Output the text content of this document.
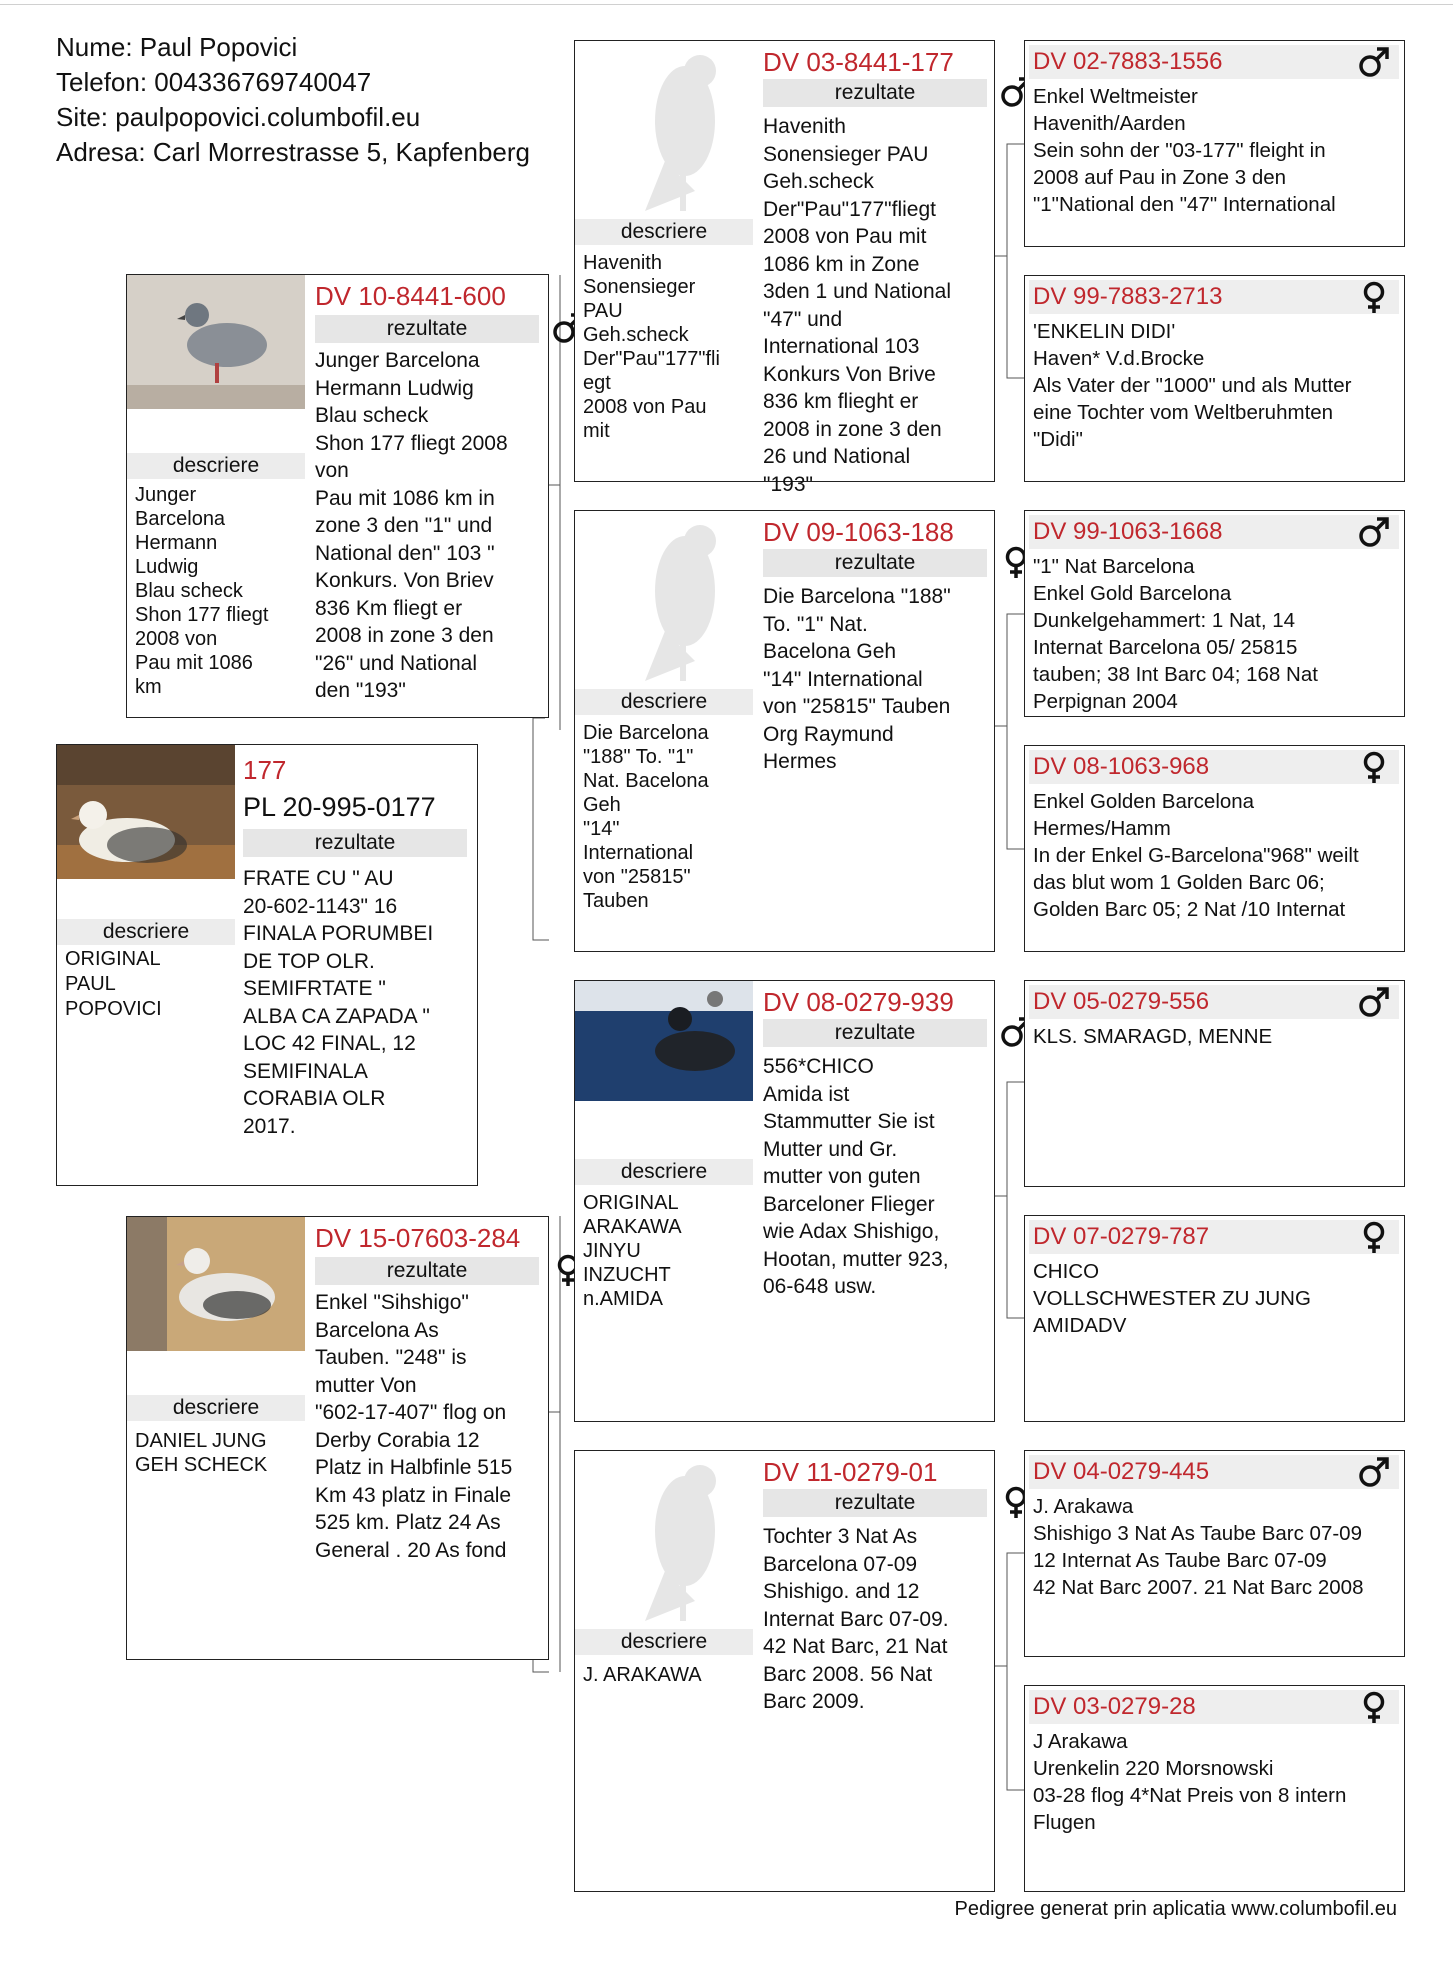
Nume: Paul Popovici
Telefon: 004336769740047
Site: paulpopovici.columbofil.eu
Adresa: Carl Morrestrasse 5, Kapfenberg
descriere
ORIGINAL
PAUL
POPOVICI
177
PL 20-995-0177
rezultate
FRATE CU " AU
20-602-1143" 16
FINALA PORUMBEI
DE TOP OLR.
SEMIFRTATE "
ALBA CA ZAPADA "
LOC 42 FINAL, 12
SEMIFINALA
CORABIA OLR
2017.
descriere
Junger
Barcelona
Hermann
Ludwig
Blau scheck
Shon 177 fliegt
2008 von
Pau mit 1086
km
DV 10-8441-600
rezultate
Junger Barcelona
Hermann Ludwig
Blau scheck
Shon 177 fliegt 2008
von
Pau mit 1086 km in
zone 3 den "1" und
National den" 103 "
Konkurs. Von Briev
836 Km fliegt er
2008 in zone 3 den
"26" und National
den "193"
descriere
DANIEL JUNG
GEH SCHECK
DV 15-07603-284
rezultate
Enkel "Sihshigo"
Barcelona As
Tauben. "248" is
mutter Von
"602-17-407" flog on
Derby Corabia 12
Platz in Halbfinle 515
Km 43 platz in Finale
525 km. Platz 24 As
General . 20 As fond
descriere
Havenith
Sonensieger
PAU
Geh.scheck
Der"Pau"177"fli
egt
2008 von Pau
mit
DV 03-8441-177
rezultate
Havenith
Sonensieger PAU
Geh.scheck
Der"Pau"177"fliegt
2008 von Pau mit
1086 km in Zone
3den 1 und National
"47" und
International 103
Konkurs Von Brive
836 km flieght er
2008 in zone 3 den
26 und National
"193"
descriere
Die Barcelona
"188" To. "1"
Nat. Bacelona
Geh
"14"
International
von "25815"
Tauben
DV 09-1063-188
rezultate
Die Barcelona "188"
To. "1" Nat.
Bacelona Geh
"14" International
von "25815" Tauben
Org Raymund
Hermes
descriere
ORIGINAL
ARAKAWA
JINYU
INZUCHT
n.AMIDA
DV 08-0279-939
rezultate
556*CHICO
Amida ist
Stammutter Sie ist
Mutter und Gr.
mutter von guten
Barceloner Flieger
wie Adax Shishigo,
Hootan, mutter 923,
06-648 usw.
descriere
J. ARAKAWA
DV 11-0279-01
rezultate
Tochter 3 Nat As
Barcelona 07-09
Shishigo. and 12
Internat Barc 07-09.
42 Nat Barc, 21 Nat
Barc 2008. 56 Nat
Barc 2009.
DV 02-7883-1556
Enkel Weltmeister
Havenith/Aarden
Sein sohn der "03-177" fleight in
2008 auf Pau in Zone 3 den
"1"National den "47" International
DV 99-7883-2713
'ENKELIN DIDI'
Haven* V.d.Brocke
Als Vater der "1000" und als Mutter
eine Tochter vom Weltberuhmten
"Didi"
DV 99-1063-1668
"1" Nat Barcelona
Enkel Gold Barcelona
Dunkelgehammert: 1 Nat, 14
Internat Barcelona 05/ 25815
tauben; 38 Int Barc 04; 168 Nat
Perpignan 2004
DV 08-1063-968
Enkel Golden Barcelona
Hermes/Hamm
In der Enkel G-Barcelona"968" weilt
das blut wom 1 Golden Barc 06;
Golden Barc 05; 2 Nat /10 Internat
DV 05-0279-556
KLS. SMARAGD, MENNE
DV 07-0279-787
CHICO
VOLLSCHWESTER ZU JUNG
AMIDADV
DV 04-0279-445
J. Arakawa
Shishigo 3 Nat As Taube Barc 07-09
12 Internat As Taube Barc 07-09
42 Nat Barc 2007. 21 Nat Barc 2008
DV 03-0279-28
J Arakawa
Urenkelin 220 Morsnowski
03-28 flog 4*Nat Preis von 8 intern
Flugen
Pedigree generat prin aplicatia www.columbofil.eu
